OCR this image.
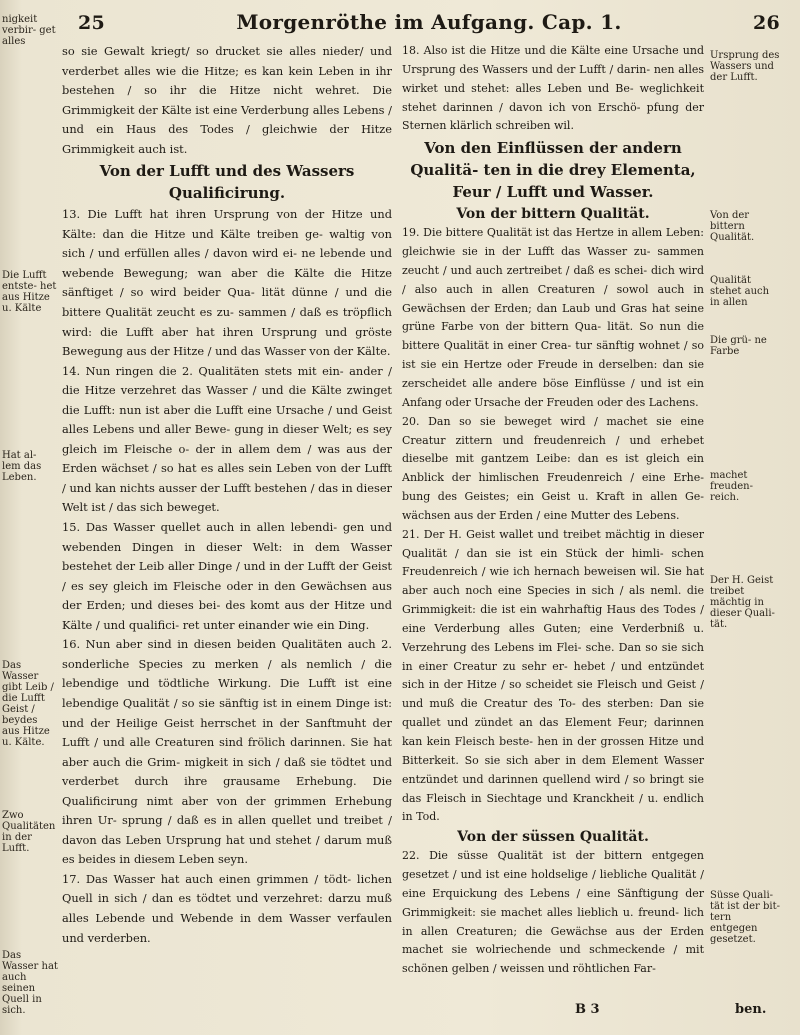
25	Morgenröthe im Aufgang. Cap. 1.	26
nigkeit verbir- get alles
Die Lufft entste- het aus Hitze u. Kälte
Hat al- lem das Leben.
Das Wasser gibt Leib / die Lufft Geist / beydes aus Hitze u. Kälte.
Zwo Qualitäten in der Lufft.
Das Wasser hat auch seinen Quell in sich.

so sie Gewalt kriegt/ so drucket sie alles nieder/ und verderbet alles wie die Hitze; es kan kein Leben in ihr bestehen / so ihr die Hitze nicht wehret. Die Grimmigkeit der Kälte ist eine Verderbung alles Lebens / und ein Haus des Todes / gleichwie der Hitze Grimmigkeit auch ist.

Von der Lufft und des Wassers Qualificirung.

13. Die Lufft hat ihren Ursprung von der Hitze und Kälte: dan die Hitze und Kälte treiben ge- waltig von sich / und erfüllen alles / davon wird ei- ne lebende und webende Bewegung; wan aber die Kälte die Hitze sänftiget / so wird beider Qua- lität dünne / und die bittere Qualität zeucht es zu- sammen / daß es tröpflich wird: die Lufft aber hat ihren Ursprung und gröste Bewegung aus der Hitze / und das Wasser von der Kälte.

14. Nun ringen die 2. Qualitäten stets mit ein- ander / die Hitze verzehret das Wasser / und die Kälte zwinget die Lufft: nun ist aber die Lufft eine Ursache / und Geist alles Lebens und aller Bewe- gung in dieser Welt; es sey gleich im Fleische o- der in allem dem / was aus der Erden wächset / so hat es alles sein Leben von der Lufft / und kan nichts ausser der Lufft bestehen / das in dieser Welt ist / das sich beweget.

15. Das Wasser quellet auch in allen lebendi- gen und webenden Dingen in dieser Welt: in dem Wasser bestehet der Leib aller Dinge / und in der Lufft der Geist / es sey gleich im Fleische oder in den Gewächsen aus der Erden; und dieses bei- des komt aus der Hitze und Kälte / und qualifici- ret unter einander wie ein Ding.

16. Nun aber sind in diesen beiden Qualitäten auch 2. sonderliche Species zu merken / als nemlich / die lebendige und tödtliche Wirkung. Die Lufft ist eine lebendige Qualität / so sie sänftig ist in einem Dinge ist: und der Heilige Geist herrschet in der Sanftmuht der Lufft / und alle Creaturen sind frölich darinnen. Sie hat aber auch die Grim- migkeit in sich / daß sie tödtet und verderbet durch ihre grausame Erhebung. Die Qualificirung nimt aber von der grimmen Erhebung ihren Ur- sprung / daß es in allen quellet und treibet / davon das Leben Ursprung hat und stehet / darum muß es beides in diesem Leben seyn.

17. Das Wasser hat auch einen grimmen / tödt- lichen Quell in sich / dan es tödtet und verzehret: darzu muß alles Lebende und Webende in dem Wasser verfaulen und verderben.

18. Also ist die Hitze und die Kälte eine Ursache und Ursprung des Wassers und der Lufft / darin- nen alles wirket und stehet: alles Leben und Be- weglichkeit stehet darinnen / davon ich von Erschö- pfung der Sternen klärlich schreiben wil.

Von den Einflüssen der andern Qualitä- ten in die drey Elementa, Feur / Lufft und Wasser.
Von der bittern Qualität.

19. Die bittere Qualität ist das Hertze in allem Leben: gleichwie sie in der Lufft das Wasser zu- sammen zeucht / und auch zertreibet / daß es schei- dich wird / also auch in allen Creaturen / sowol auch in Gewächsen der Erden; dan Laub und Gras hat seine grüne Farbe von der bittern Qua- lität. So nun die bittere Qualität in einer Crea- tur sänftig wohnet / so ist sie ein Hertze oder Freude in derselben: dan sie zerscheidet alle andere böse Einflüsse / und ist ein Anfang oder Ursache der Freuden oder des Lachens.

20. Dan so sie beweget wird / machet sie eine Creatur zittern und freudenreich / und erhebet dieselbe mit gantzem Leibe: dan es ist gleich ein Anblick der himlischen Freudenreich / eine Erhe- bung des Geistes; ein Geist u. Kraft in allen Ge- wächsen aus der Erden / eine Mutter des Lebens.

21. Der H. Geist wallet und treibet mächtig in dieser Qualität / dan sie ist ein Stück der himli- schen Freudenreich / wie ich hernach beweisen wil. Sie hat aber auch noch eine Species in sich / als neml. die Grimmigkeit: die ist ein wahrhaftig Haus des Todes / eine Verderbung alles Guten; eine Verderbniß u. Verzehrung des Lebens im Flei- sche. Dan so sie sich in einer Creatur zu sehr er- hebet / und entzündet sich in der Hitze / so scheidet sie Fleisch und Geist / und muß die Creatur des To- des sterben: Dan sie quallet und zündet an das Element Feur; darinnen kan kein Fleisch beste- hen in der grossen Hitze und Bitterkeit. So sie sich aber in dem Element Wasser entzündet und darinnen quellend wird / so bringt sie das Fleisch in Siechtage und Kranckheit / u. endlich in Tod.

Von der süssen Qualität.

22. Die süsse Qualität ist der bittern entgegen gesetzet / und ist eine holdselige / liebliche Qualität / eine Erquickung des Lebens / eine Sänftigung der Grimmigkeit: sie machet alles lieblich u. freund- lich in allen Creaturen; die Gewächse aus der Erden machet sie wolriechende und schmeckende / mit schönen gelben / weissen und röhtlichen Far-

Ursprung des Wassers und der Lufft.
Von der bittern Qualität.
Qualität stehet auch in allen
Die grü- ne Farbe
machet freuden- reich.
Der H. Geist treibet mächtig in dieser Quali- tät.
Süsse Quali- tät ist der bit- tern entgegen gesetzet.
B 3	ben.
